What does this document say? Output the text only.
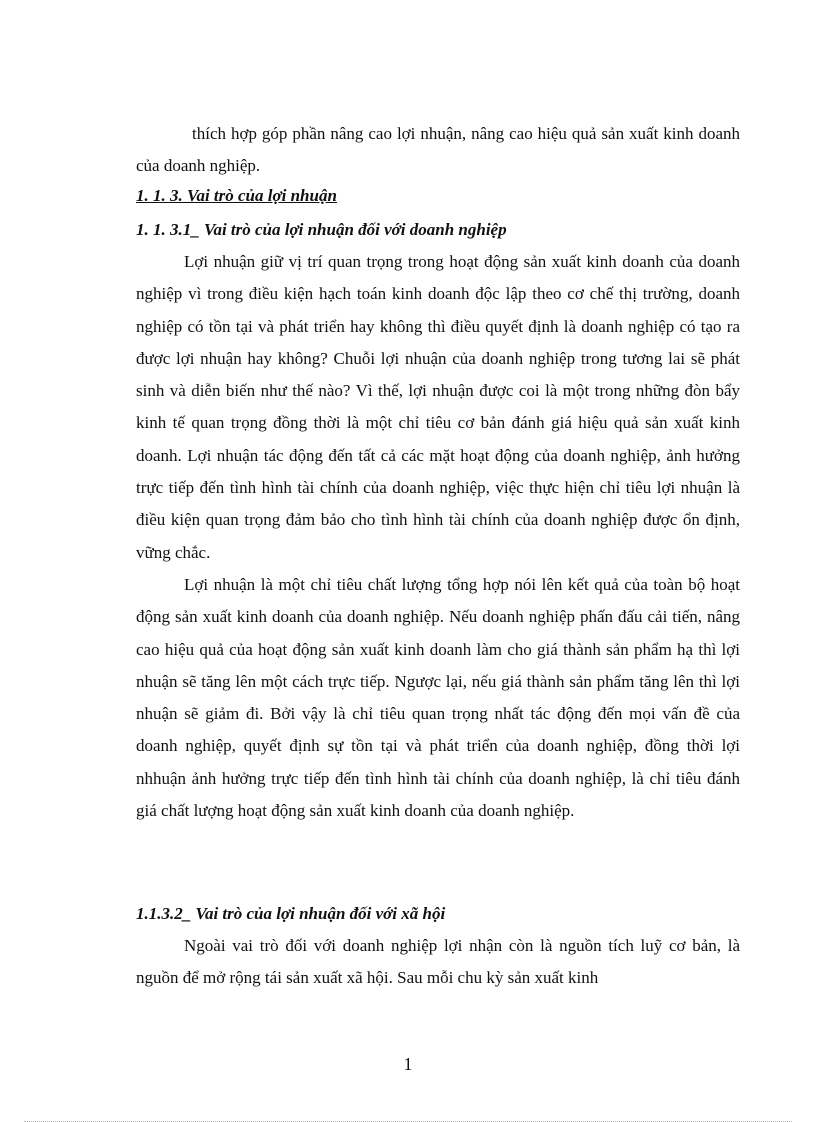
thích hợp góp phần nâng cao lợi nhuận, nâng cao hiệu quả sản xuất kinh doanh của doanh nghiệp.

1. 1. 3. Vai trò của lợi nhuận
1. 1. 3.1_ Vai trò của lợi nhuận đối với doanh nghiệp

Lợi nhuận giữ vị trí quan trọng trong hoạt động sản xuất kinh doanh của doanh nghiệp vì trong điều kiện hạch toán kinh doanh độc lập theo cơ chế thị trường, doanh nghiệp có tồn tại và phát triển hay không thì điều quyết định là doanh nghiệp có tạo ra được lợi nhuận hay không? Chuỗi lợi nhuận của doanh nghiệp trong tương lai sẽ phát sinh và diễn biến như thế nào? Vì thế, lợi nhuận được coi là một trong những đòn bẩy kinh tế quan trọng đồng thời là một chỉ tiêu cơ bản đánh giá hiệu quả sản xuất kinh doanh. Lợi nhuận tác động đến tất cả các mặt hoạt động của doanh nghiệp, ảnh hưởng trực tiếp đến tình hình tài chính của doanh nghiệp, việc thực hiện chỉ tiêu lợi nhuận là điều kiện quan trọng đảm bảo cho tình hình tài chính của doanh nghiệp được ổn định, vững chắc.

Lợi nhuận là một chỉ tiêu chất lượng tổng hợp nói lên kết quả của toàn bộ hoạt động sản xuất kinh doanh của doanh nghiệp. Nếu doanh nghiệp phấn đấu cải tiến, nâng cao hiệu quả của hoạt động sản xuất kinh doanh làm cho giá thành sản phẩm hạ thì lợi nhuận sẽ tăng lên một cách trực tiếp. Ngược lại, nếu giá thành sản phẩm tăng lên thì lợi nhuận sẽ giảm đi. Bởi vậy là chỉ tiêu quan trọng nhất tác động đến mọi vấn đề của doanh nghiệp, quyết định sự tồn tại và phát triển của doanh nghiệp, đồng thời lợi nhhuận ảnh hưởng trực tiếp đến tình hình tài chính của doanh nghiệp, là chỉ tiêu đánh giá chất lượng hoạt động sản xuất kinh doanh của doanh nghiệp.

1.1.3.2_ Vai trò của lợi nhuận đối với xã hội

Ngoài vai trò đối với doanh nghiệp lợi nhận còn là nguồn tích luỹ cơ bản, là nguồn để mở rộng tái sản xuất xã hội. Sau mỗi chu kỳ sản xuất kinh

1
